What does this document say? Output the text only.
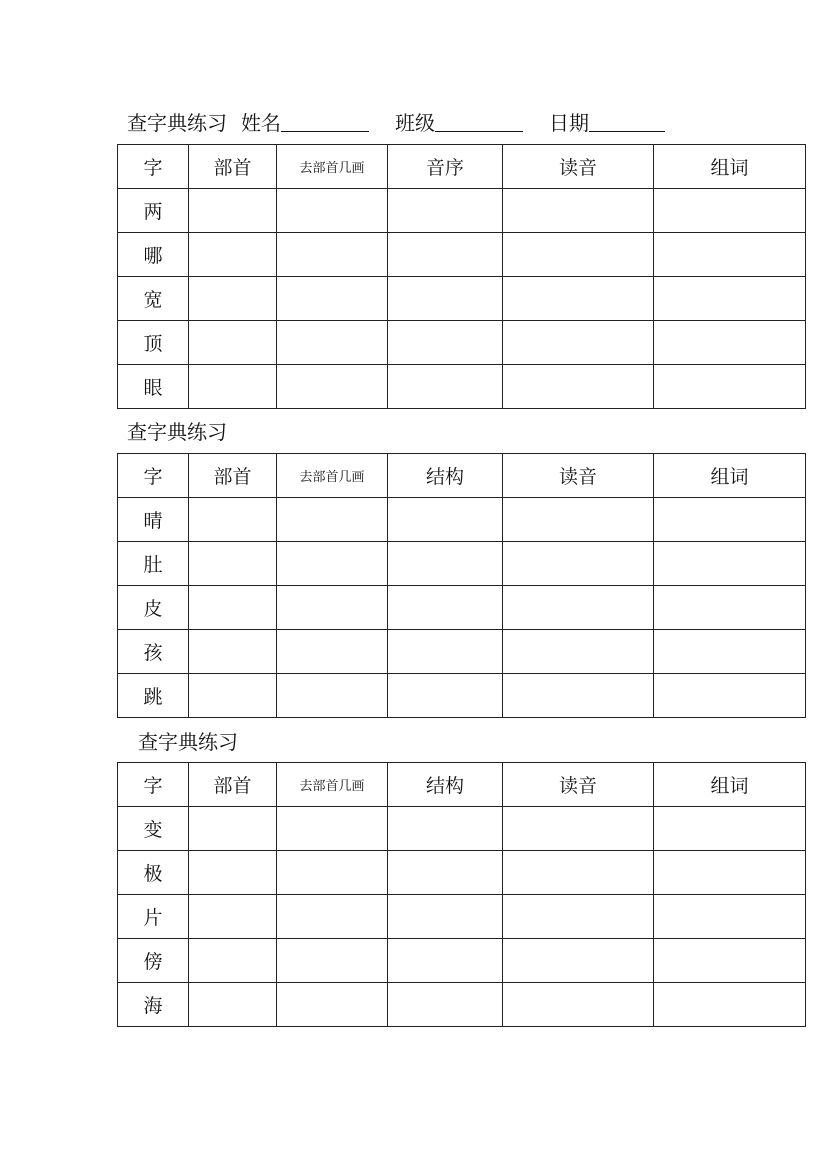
查字典练习 姓名	班级	日期
字	部首	去部首几画	音序	读音	组词
两					
哪					
宽					
顶					
眼					
查字典练习
字	部首	去部首几画	结构	读音	组词
晴					
肚					
皮					
孩					
跳					
查字典练习
字	部首	去部首几画	结构	读音	组词
变					
极					
片					
傍					
海					
